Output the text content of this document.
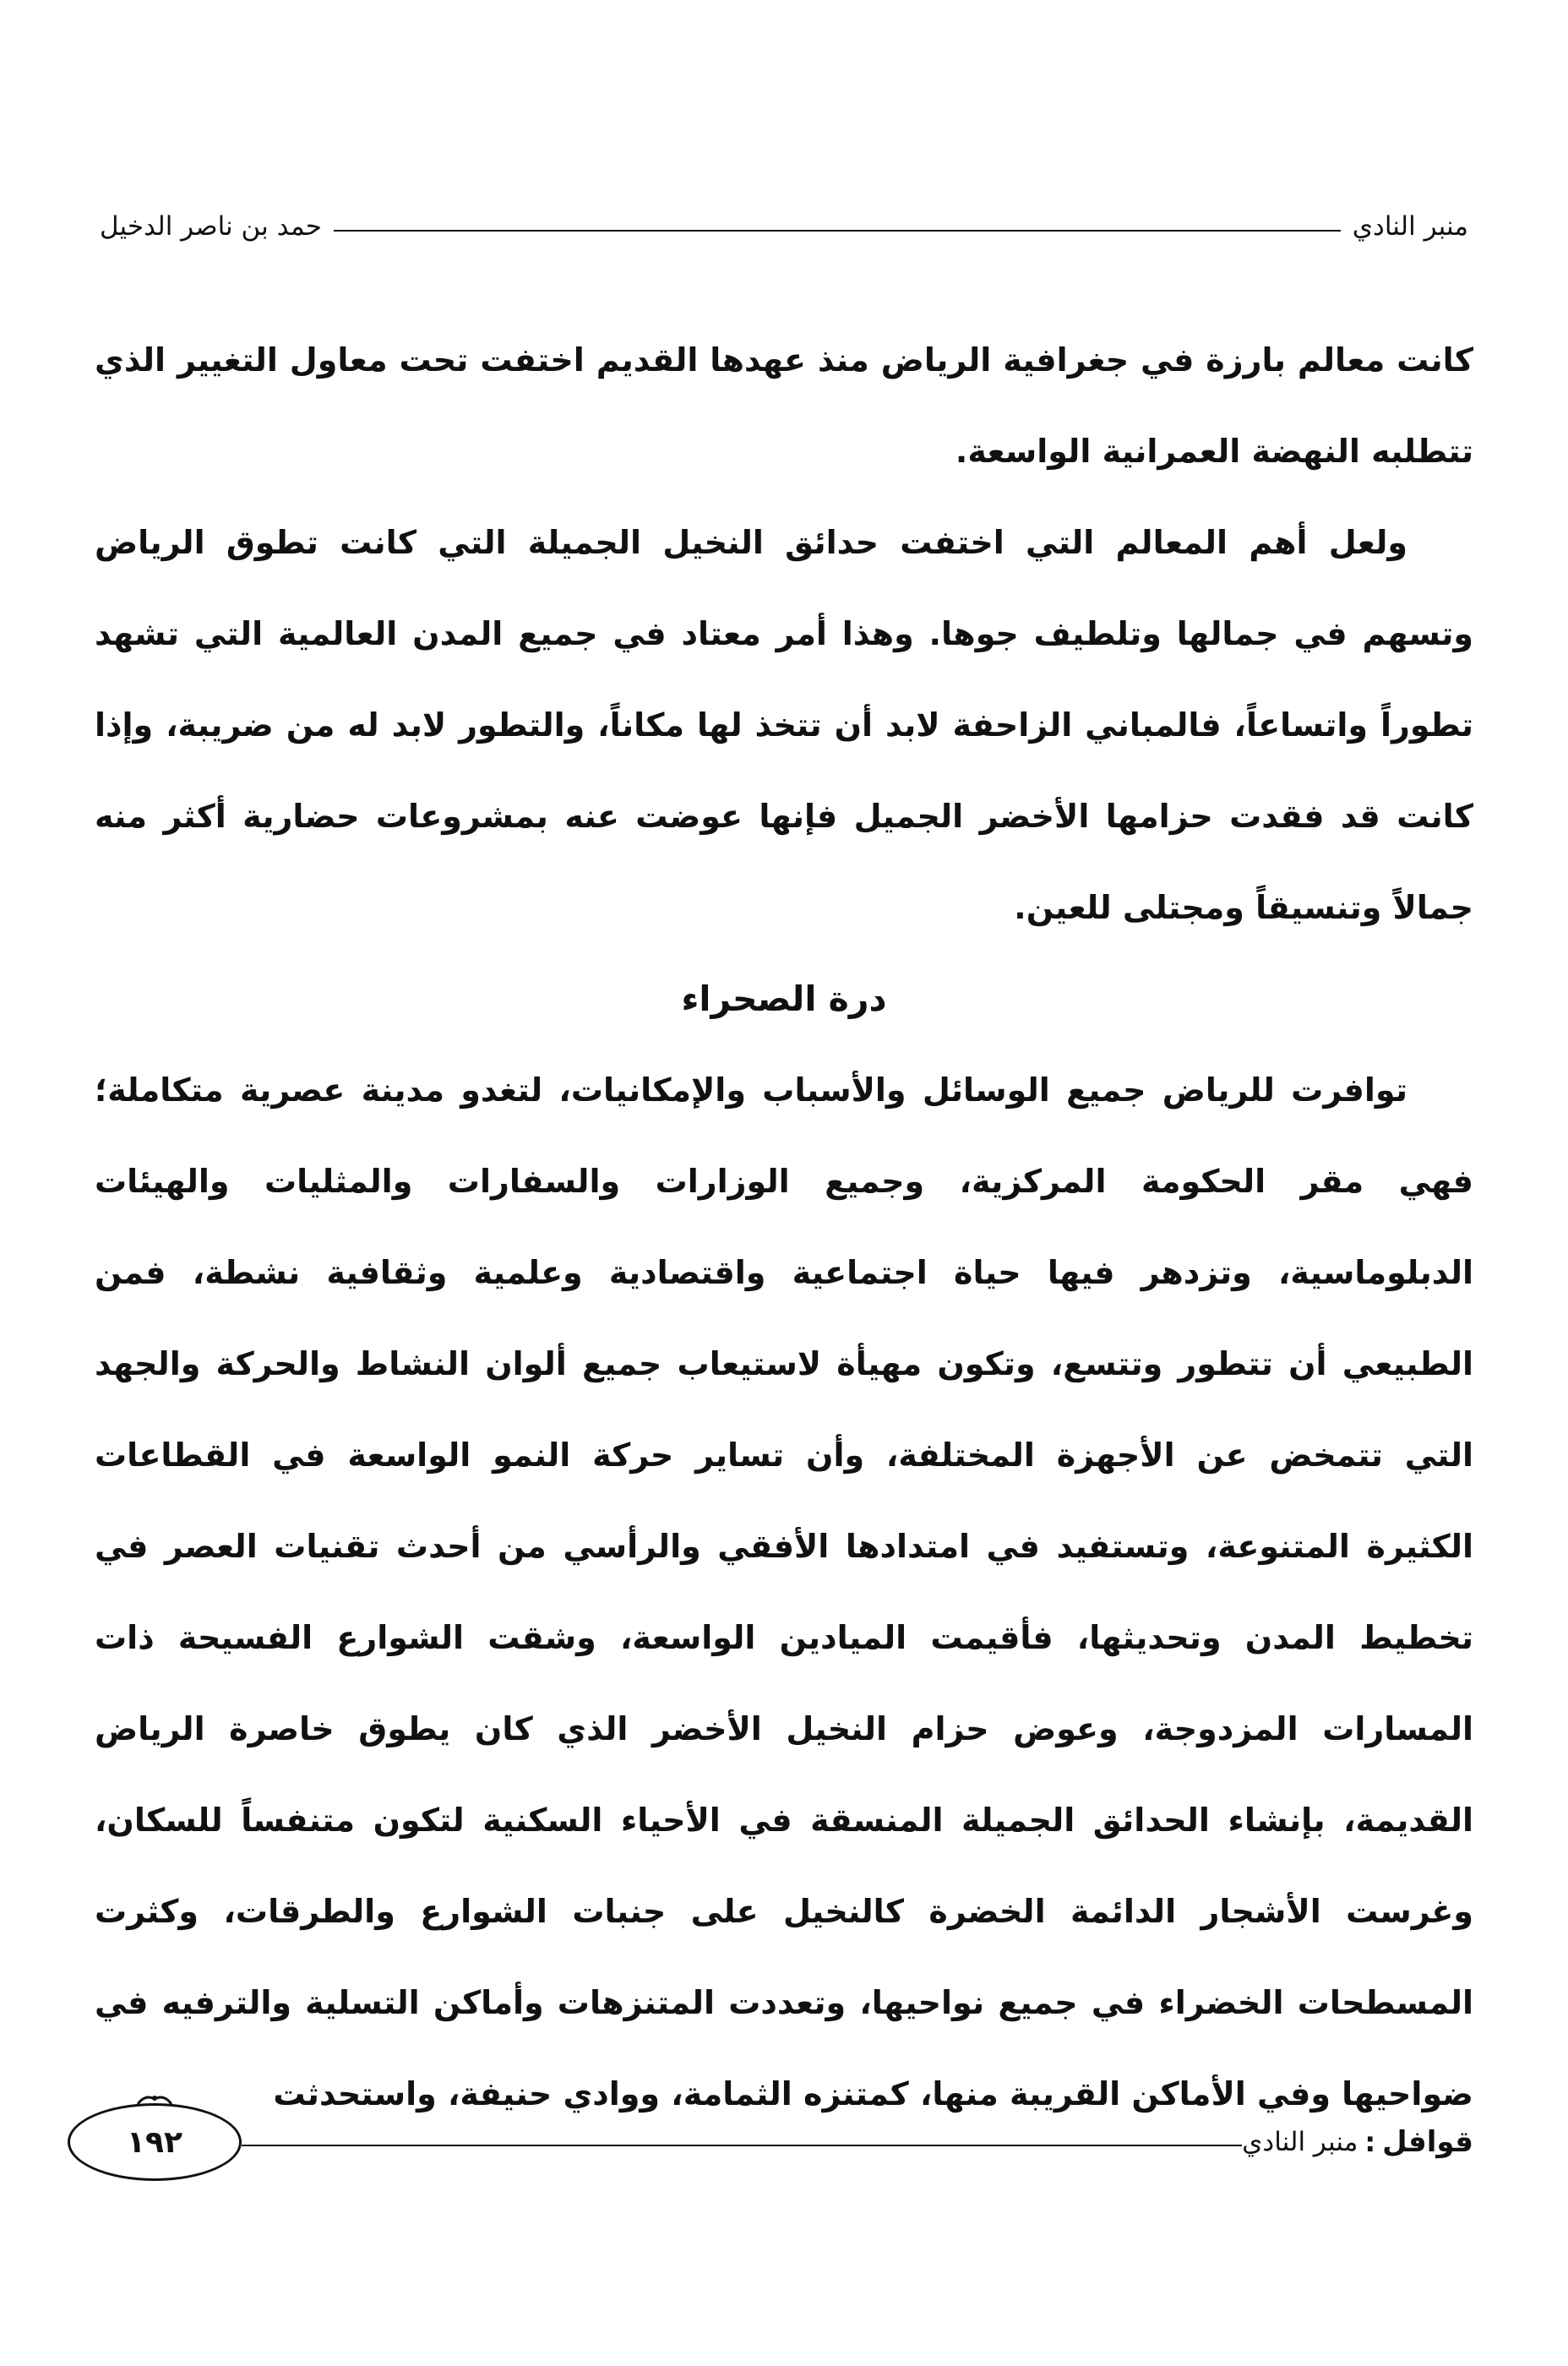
منبر النادي
حمد بن ناصر الدخيل

كانت معالم بارزة في جغرافية الرياض منذ عهدها القديم اختفت تحت معاول التغيير الذي تتطلبه النهضة العمرانية الواسعة.

ولعل أهم المعالم التي اختفت حدائق النخيل الجميلة التي كانت تطوق الرياض وتسهم في جمالها وتلطيف جوها. وهذا أمر معتاد في جميع المدن العالمية التي تشهد تطوراً واتساعاً، فالمباني الزاحفة لابد أن تتخذ لها مكاناً، والتطور لابد له من ضريبة، وإذا كانت قد فقدت حزامها الأخضر الجميل فإنها عوضت عنه بمشروعات حضارية أكثر منه جمالاً وتنسيقاً ومجتلى للعين.

درة الصحراء

توافرت للرياض جميع الوسائل والأسباب والإمكانيات، لتغدو مدينة عصرية متكاملة؛ فهي مقر الحكومة المركزية، وجميع الوزارات والسفارات والمثليات والهيئات الدبلوماسية، وتزدهر فيها حياة اجتماعية واقتصادية وعلمية وثقافية نشطة، فمن الطبيعي أن تتطور وتتسع، وتكون مهيأة لاستيعاب جميع ألوان النشاط والحركة والجهد التي تتمخض عن الأجهزة المختلفة، وأن تساير حركة النمو الواسعة في القطاعات الكثيرة المتنوعة، وتستفيد في امتدادها الأفقي والرأسي من أحدث تقنيات العصر في تخطيط المدن وتحديثها، فأقيمت الميادين الواسعة، وشقت الشوارع الفسيحة ذات المسارات المزدوجة، وعوض حزام النخيل الأخضر الذي كان يطوق خاصرة الرياض القديمة، بإنشاء الحدائق الجميلة المنسقة في الأحياء السكنية لتكون متنفساً للسكان، وغرست الأشجار الدائمة الخضرة كالنخيل على جنبات الشوارع والطرقات، وكثرت المسطحات الخضراء في جميع نواحيها، وتعددت المتنزهات وأماكن التسلية والترفيه في ضواحيها وفي الأماكن القريبة منها، كمتنزه الثمامة، ووادي حنيفة، واستحدثت

قوافل
:
منبر النادي
١٩٢
